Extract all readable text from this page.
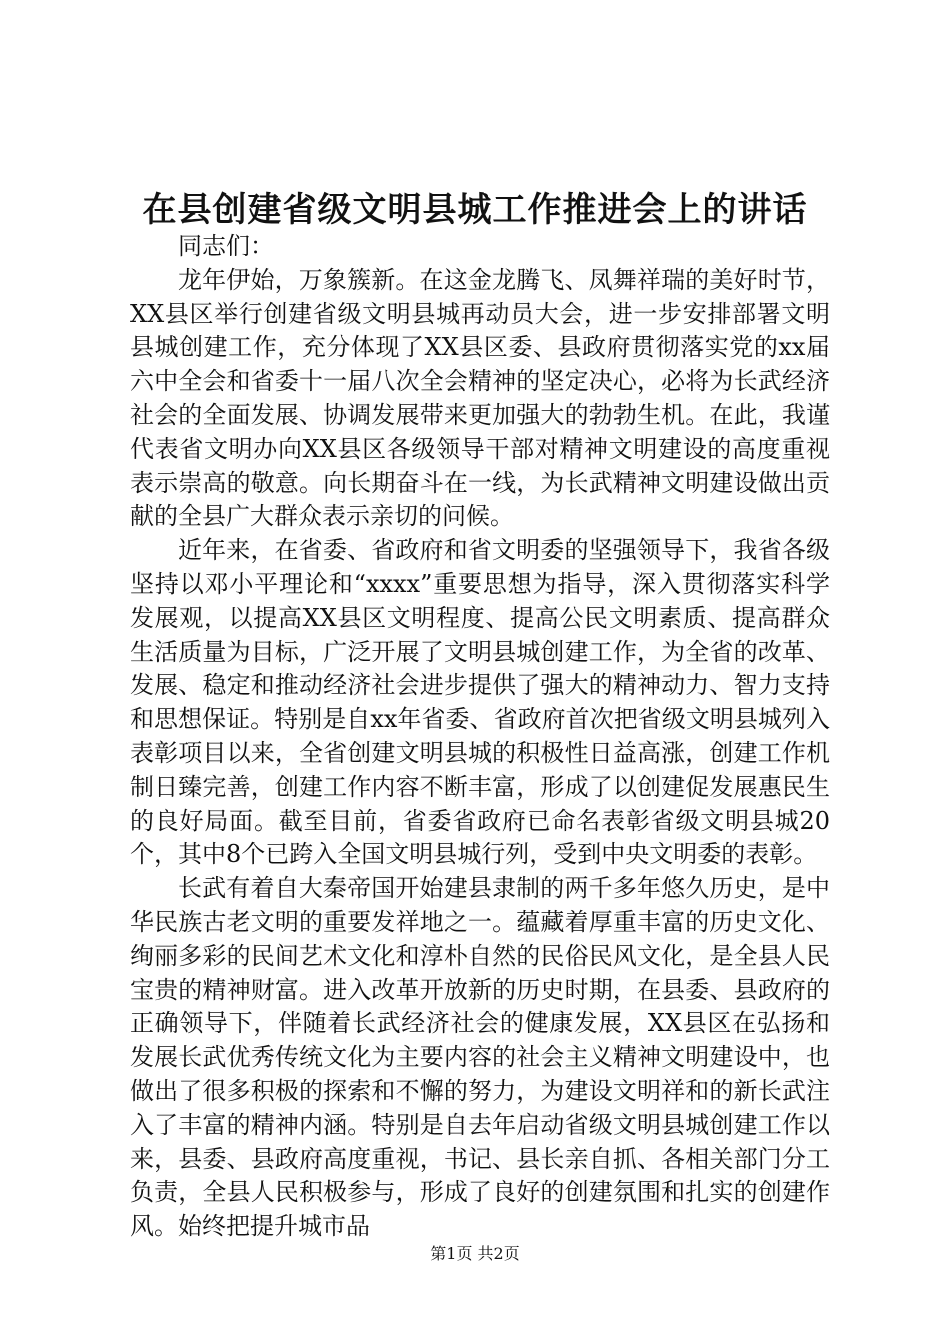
在县创建省级文明县城工作推进会上的讲话

同志们：

龙年伊始，万象簇新。在这金龙腾飞、凤舞祥瑞的美好时节，XX县区举行创建省级文明县城再动员大会，进一步安排部署文明县城创建工作，充分体现了XX县区委、县政府贯彻落实党的xx届六中全会和省委十一届八次全会精神的坚定决心，必将为长武经济社会的全面发展、协调发展带来更加强大的勃勃生机。在此，我谨代表省文明办向XX县区各级领导干部对精神文明建设的高度重视表示崇高的敬意。向长期奋斗在一线，为长武精神文明建设做出贡献的全县广大群众表示亲切的问候。

近年来，在省委、省政府和省文明委的坚强领导下，我省各级坚持以邓小平理论和“xxxx”重要思想为指导，深入贯彻落实科学发展观，以提高XX县区文明程度、提高公民文明素质、提高群众生活质量为目标，广泛开展了文明县城创建工作，为全省的改革、发展、稳定和推动经济社会进步提供了强大的精神动力、智力支持和思想保证。特别是自xx年省委、省政府首次把省级文明县城列入表彰项目以来，全省创建文明县城的积极性日益高涨，创建工作机制日臻完善，创建工作内容不断丰富，形成了以创建促发展惠民生的良好局面。截至目前，省委省政府已命名表彰省级文明县城20个，其中8个已跨入全国文明县城行列，受到中央文明委的表彰。

长武有着自大秦帝国开始建县隶制的两千多年悠久历史，是中华民族古老文明的重要发祥地之一。蕴藏着厚重丰富的历史文化、绚丽多彩的民间艺术文化和淳朴自然的民俗民风文化，是全县人民宝贵的精神财富。进入改革开放新的历史时期，在县委、县政府的正确领导下，伴随着长武经济社会的健康发展，XX县区在弘扬和发展长武优秀传统文化为主要内容的社会主义精神文明建设中，也做出了很多积极的探索和不懈的努力，为建设文明祥和的新长武注入了丰富的精神内涵。特别是自去年启动省级文明县城创建工作以来，县委、县政府高度重视，书记、县长亲自抓、各相关部门分工负责，全县人民积极参与，形成了良好的创建氛围和扎实的创建作风。始终把提升城市品

第1页 共2页
